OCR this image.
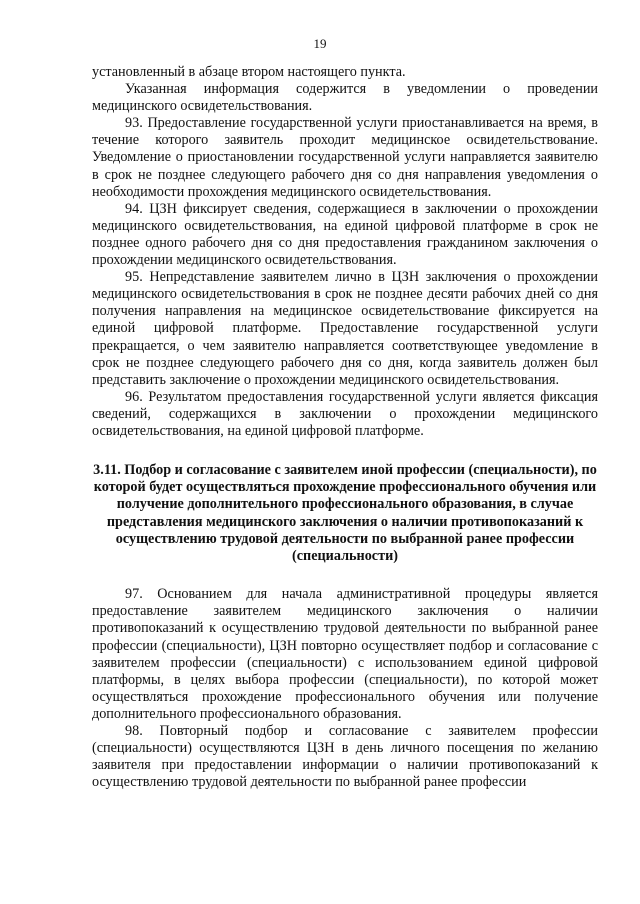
19

установленный в абзаце втором настоящего пункта.

Указанная информация содержится в уведомлении о проведении медицинского освидетельствования.

93. Предоставление государственной услуги приостанавливается на время, в течение которого заявитель проходит медицинское освидетельствование. Уведомление о приостановлении государственной услуги направляется заявителю в срок не позднее следующего рабочего дня со дня направления уведомления о необходимости прохождения медицинского освидетельствования.

94. ЦЗН фиксирует сведения, содержащиеся в заключении о прохождении медицинского освидетельствования, на единой цифровой платформе в срок не позднее одного рабочего дня со дня предоставления гражданином заключения о прохождении медицинского освидетельствования.

95. Непредставление заявителем лично в ЦЗН заключения о прохождении медицинского освидетельствования в срок не позднее десяти рабочих дней со дня получения направления на медицинское освидетельствование фиксируется на единой цифровой платформе. Предоставление государственной услуги прекращается, о чем заявителю направляется соответствующее уведомление в срок не позднее следующего рабочего дня со дня, когда заявитель должен был представить заключение о прохождении медицинского освидетельствования.

96. Результатом предоставления государственной услуги является фиксация сведений, содержащихся в заключении о прохождении медицинского освидетельствования, на единой цифровой платформе.

3.11. Подбор и согласование с заявителем иной профессии (специальности), по которой будет осуществляться прохождение профессионального обучения или получение дополнительного профессионального образования, в случае представления медицинского заключения о наличии противопоказаний к осуществлению трудовой деятельности по выбранной ранее профессии (специальности)

97. Основанием для начала административной процедуры является предоставление заявителем медицинского заключения о наличии противопоказаний к осуществлению трудовой деятельности по выбранной ранее профессии (специальности), ЦЗН повторно осуществляет подбор и согласование с заявителем профессии (специальности) с использованием единой цифровой платформы, в целях выбора профессии (специальности), по которой может осуществляться прохождение профессионального обучения или получение дополнительного профессионального образования.

98. Повторный подбор и согласование с заявителем профессии (специальности) осуществляются ЦЗН в день личного посещения по желанию заявителя при предоставлении информации о наличии противопоказаний к осуществлению трудовой деятельности по выбранной ранее профессии
